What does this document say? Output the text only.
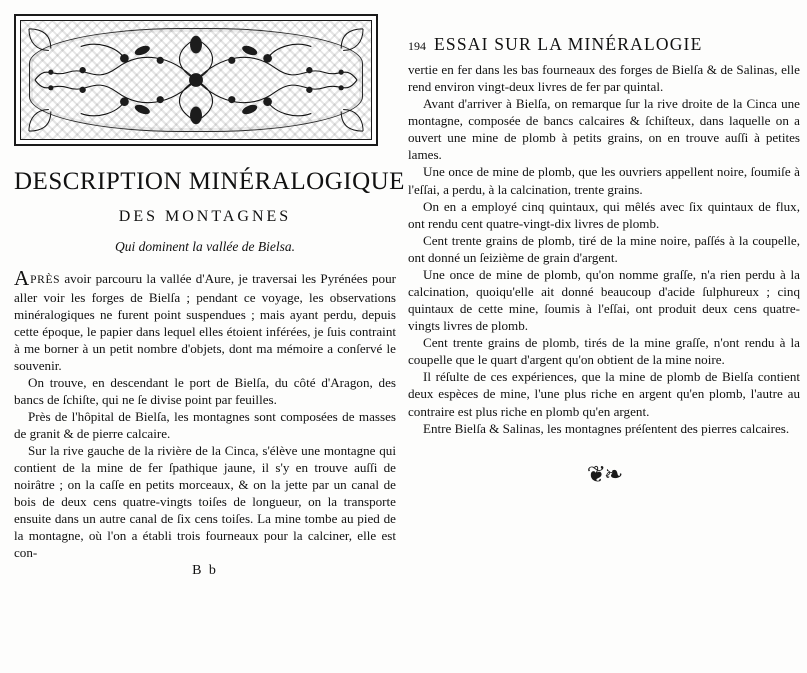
DESCRIPTION MINÉRALOGIQUE
DES MONTAGNES
Qui dominent la vallée de Bielsa.

APRÈS avoir parcouru la vallée d'Aure, je traversai les Pyrénées pour aller voir les forges de Bielſa ; pendant ce voyage, les observations minéralogiques ne furent point suspendues ; mais ayant perdu, depuis cette époque, le papier dans lequel elles étoient inférées, je ſuis contraint à me borner à un petit nombre d'objets, dont ma mémoire a conſervé le souvenir.

On trouve, en descendant le port de Bielſa, du côté d'Aragon, des bancs de ſchiſte, qui ne ſe divise point par feuilles.

Près de l'hôpital de Bielſa, les montagnes sont composées de masses de granit & de pierre calcaire.

Sur la rive gauche de la rivière de la Cinca, s'élève une montagne qui contient de la mine de fer ſpathique jaune, il s'y en trouve auſſi de noirâtre ; on la caſſe en petits morceaux, & on la jette par un canal de bois de deux cens quatre-vingts toiſes de longueur, on la transporte ensuite dans un autre canal de ſix cens toiſes. La mine tombe au pied de la montagne, où l'on a établi trois fourneaux pour la calciner, elle est con-

B b
194 ESSAI SUR LA MINÉRALOGIE

vertie en fer dans les bas fourneaux des forges de Bielſa & de Salinas, elle rend environ vingt-deux livres de fer par quintal.

Avant d'arriver à Bielſa, on remarque ſur la rive droite de la Cinca une montagne, composée de bancs calcaires & ſchiſteux, dans laquelle on a ouvert une mine de plomb à petits grains, on en trouve auſſi à petites lames.

Une once de mine de plomb, que les ouvriers appellent noire, ſoumiſe à l'eſſai, a perdu, à la calcination, trente grains.

On en a employé cinq quintaux, qui mêlés avec ſix quintaux de flux, ont rendu cent quatre-vingt-dix livres de plomb.

Cent trente grains de plomb, tiré de la mine noire, paſſés à la coupelle, ont donné un ſeizième de grain d'argent.

Une once de mine de plomb, qu'on nomme graſſe, n'a rien perdu à la calcination, quoiqu'elle ait donné beaucoup d'acide ſulphureux ; cinq quintaux de cette mine, ſoumis à l'eſſai, ont produit deux cens quatre-vingts livres de plomb.

Cent trente grains de plomb, tirés de la mine graſſe, n'ont rendu à la coupelle que le quart d'argent qu'on obtient de la mine noire.

Il réſulte de ces expériences, que la mine de plomb de Bielſa contient deux espèces de mine, l'une plus riche en argent qu'en plomb, l'autre au contraire est plus riche en plomb qu'en argent.

Entre Bielſa & Salinas, les montagnes préſentent des pierres calcaires.

❦❧
